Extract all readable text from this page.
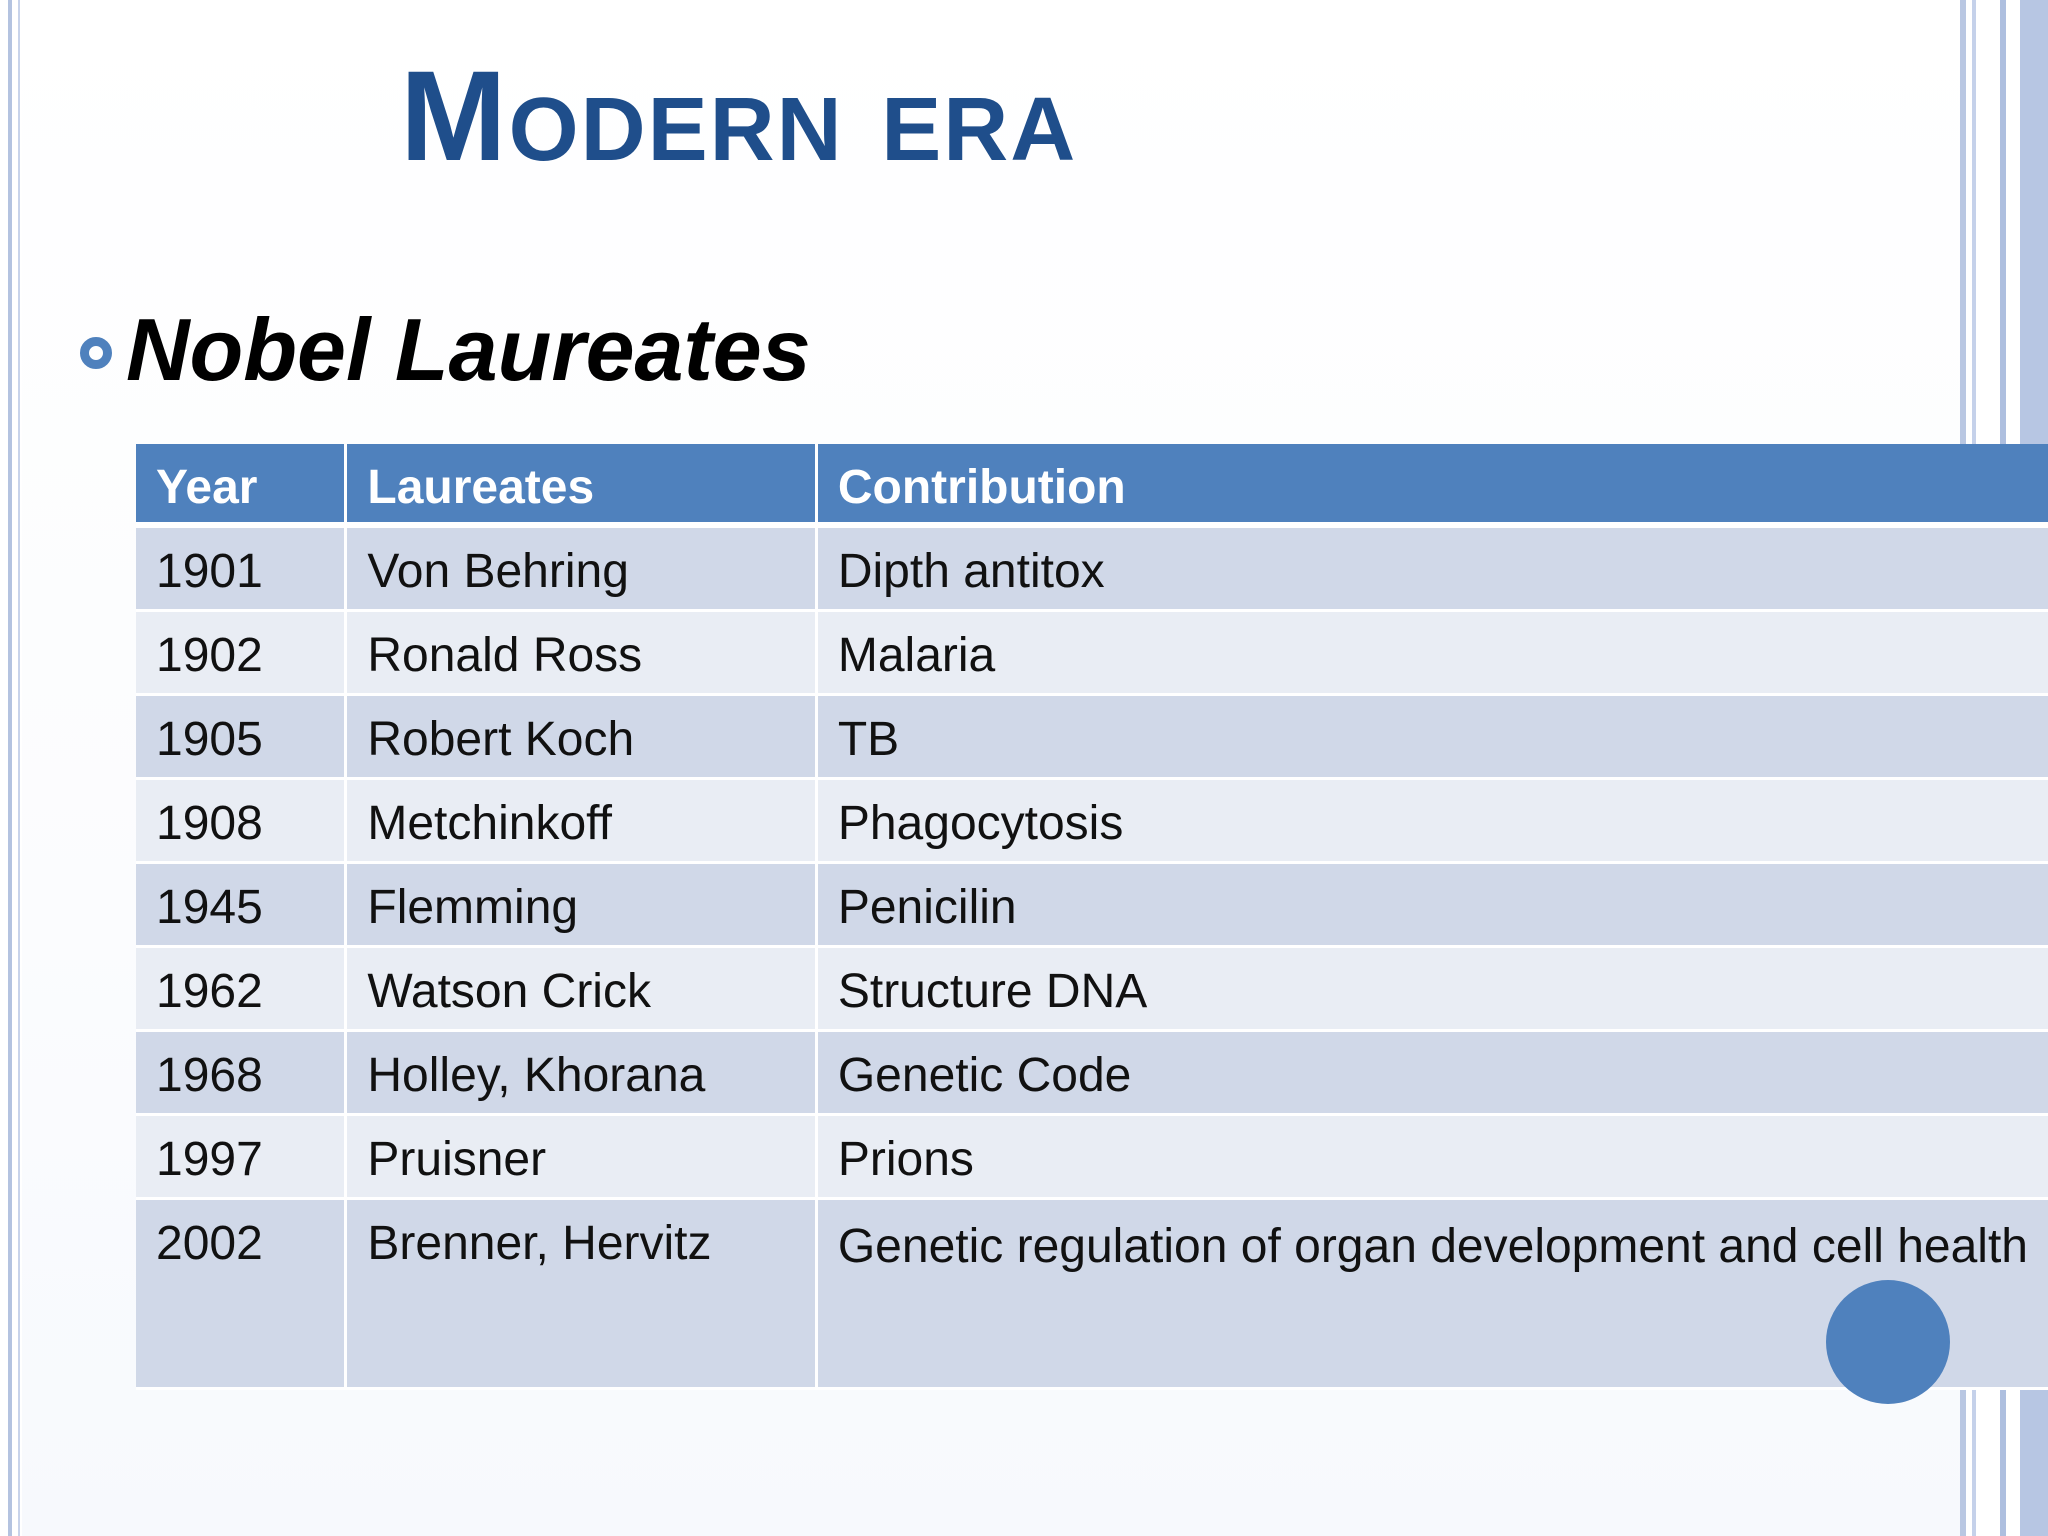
Modern era
Nobel Laureates
Year	Laureates	Contribution
1901	Von Behring	Dipth antitox
1902	Ronald Ross	Malaria
1905	Robert Koch	TB
1908	Metchinkoff	Phagocytosis
1945	Flemming	Penicilin
1962	Watson Crick	Structure DNA
1968	Holley, Khorana	Genetic Code
1997	Pruisner	Prions
2002	Brenner, Hervitz	Genetic regulation of organ development and cell health
